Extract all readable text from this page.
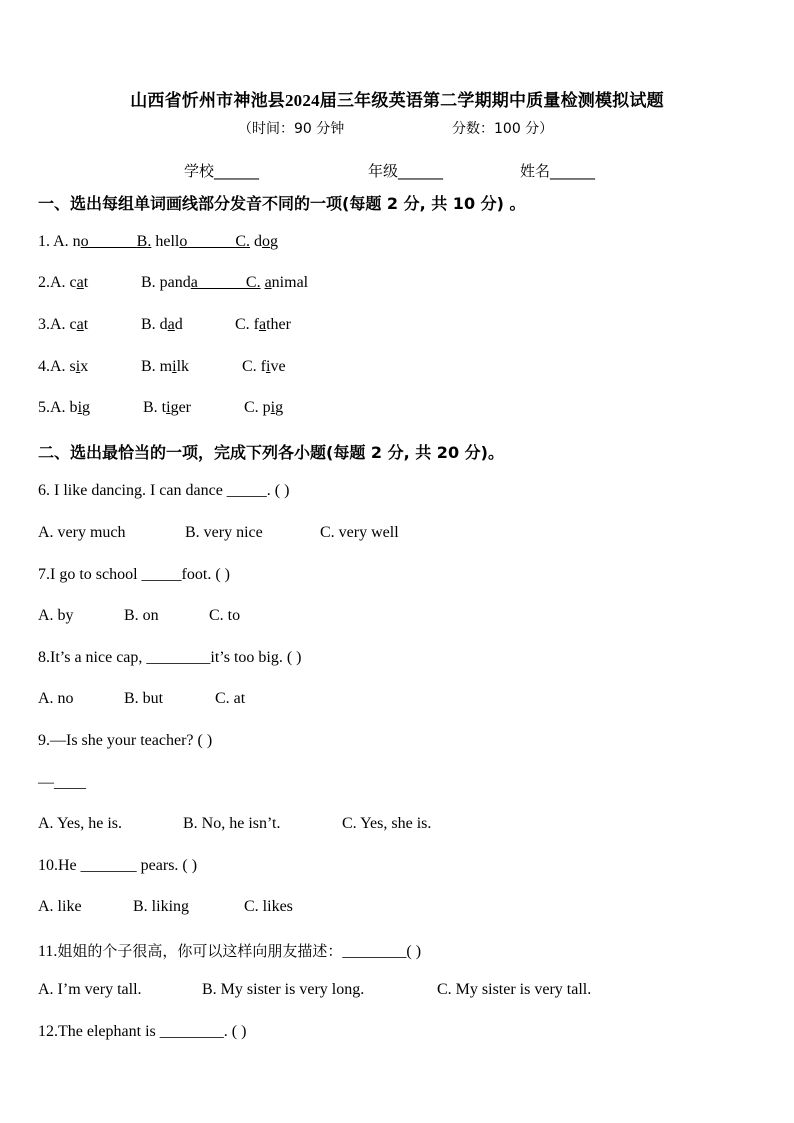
山西省忻州市神池县2024届三年级英语第二学期期中质量检测模拟试题
（时间：90 分钟	分数：100 分）
学校______	年级______	姓名______
一、选出每组单词画线部分发音不同的一项(每题 2 分, 共 10 分) 。
1. A. no______B. hello______C. dog
2.A. cat	B. panda______C. animal
3.A. cat	B. dad	C. father
4.A. six	B. milk	C. five
5.A. big	B. tiger	C. pig
二、选出最恰当的一项，完成下列各小题(每题 2 分, 共 20 分)。
6. I like dancing. I can dance _____. ( )
A. very much	B. very nice	C. very well
7.I go to school _____foot. ( )
A. by	B. on	C. to
8.It’s a nice cap, ________it’s too big. ( )
A. no	B. but	C. at
9.—Is she your teacher? ( )
—____
A. Yes, he is.	B. No, he isn’t.	C. Yes, she is.
10.He _______ pears. ( )
A. like	B. liking	C. likes
11.姐姐的个子很高，你可以这样向朋友描述：________( )
A. I’m very tall.	B. My sister is very long.	C. My sister is very tall.
12.The elephant is ________. ( )
